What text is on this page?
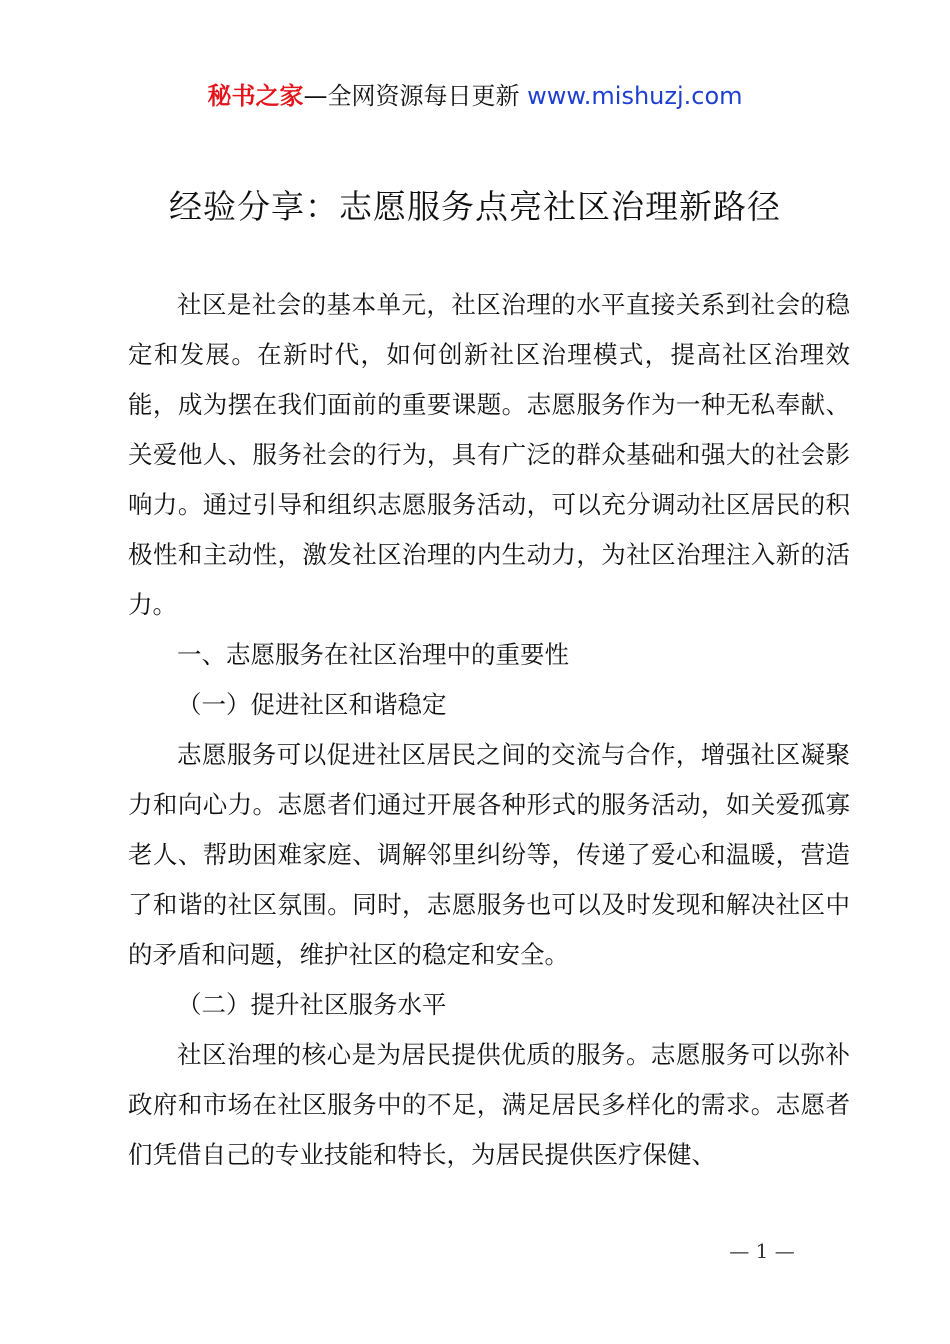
秘书之家—全网资源每日更新 www.mishuzj.com
经验分享：志愿服务点亮社区治理新路径

社区是社会的基本单元，社区治理的水平直接关系到社会的稳定和发展。在新时代，如何创新社区治理模式，提高社区治理效能，成为摆在我们面前的重要课题。志愿服务作为一种无私奉献、关爱他人、服务社会的行为，具有广泛的群众基础和强大的社会影响力。通过引导和组织志愿服务活动，可以充分调动社区居民的积极性和主动性，激发社区治理的内生动力，为社区治理注入新的活力。

一、志愿服务在社区治理中的重要性

（一）促进社区和谐稳定

志愿服务可以促进社区居民之间的交流与合作，增强社区凝聚力和向心力。志愿者们通过开展各种形式的服务活动，如关爱孤寡老人、帮助困难家庭、调解邻里纠纷等，传递了爱心和温暖，营造了和谐的社区氛围。同时，志愿服务也可以及时发现和解决社区中的矛盾和问题，维护社区的稳定和安全。

（二）提升社区服务水平

社区治理的核心是为居民提供优质的服务。志愿服务可以弥补政府和市场在社区服务中的不足，满足居民多样化的需求。志愿者们凭借自己的专业技能和特长，为居民提供医疗保健、

— 1 —
